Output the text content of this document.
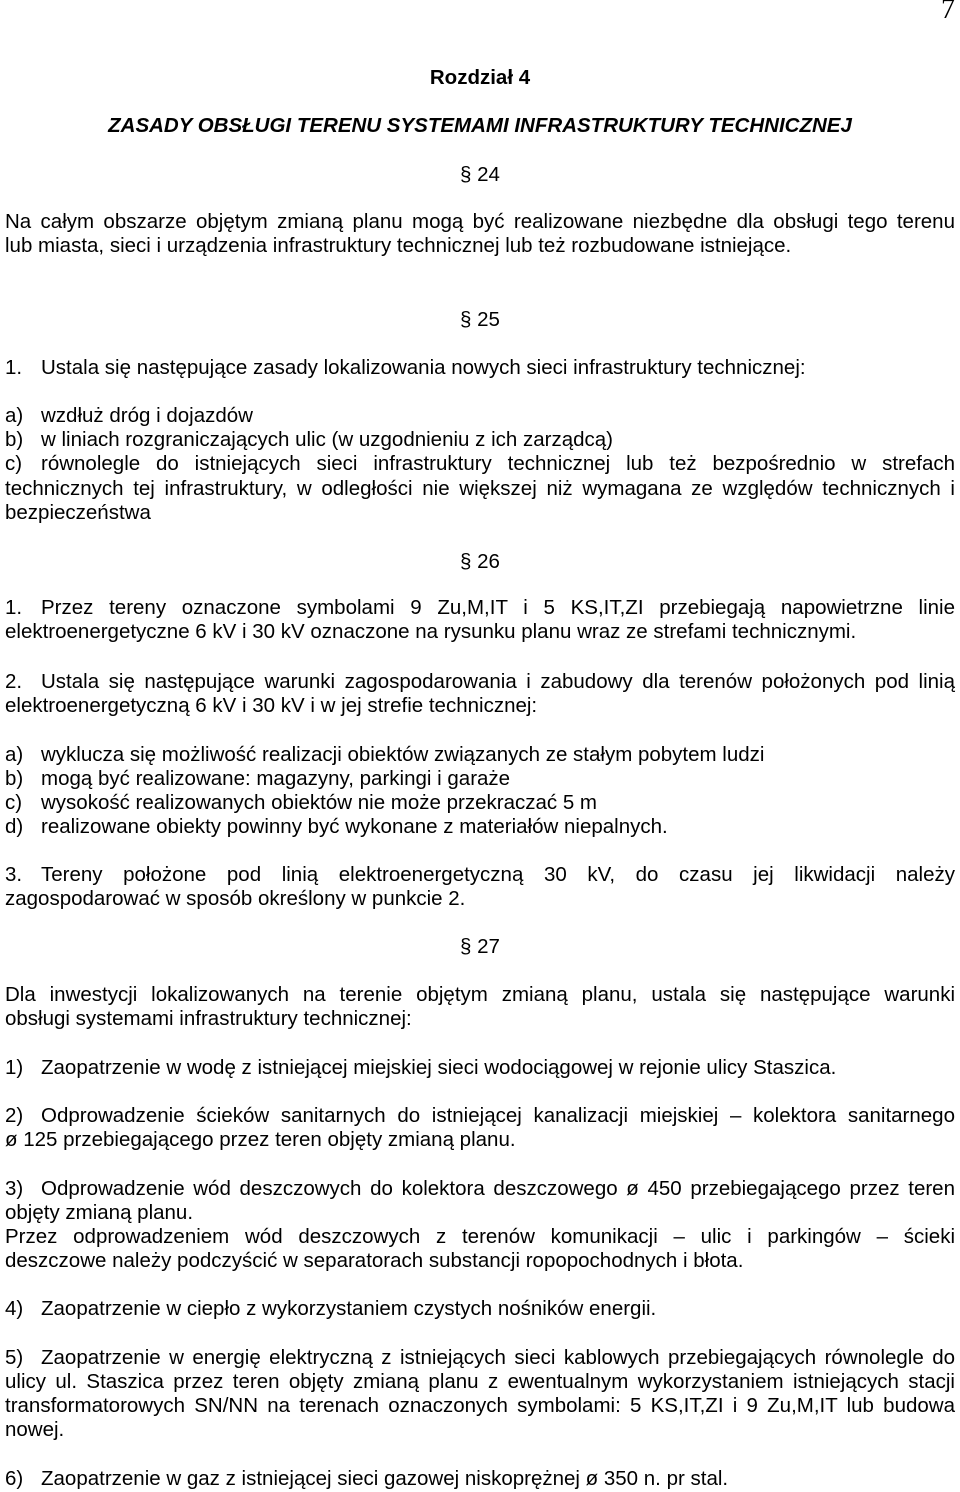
7
Rozdział 4
ZASADY OBSŁUGI TERENU SYSTEMAMI INFRASTRUKTURY TECHNICZNEJ
§ 24
Na całym obszarze objętym zmianą planu mogą być realizowane niezbędne dla obsługi tego terenu
lub miasta, sieci i urządzenia infrastruktury technicznej lub też rozbudowane istniejące.
§ 25
1. Ustala się następujące zasady lokalizowania nowych sieci infrastruktury technicznej:
a) wzdłuż dróg i dojazdów
b) w liniach rozgraniczających ulic (w uzgodnieniu z ich zarządcą)
c) równolegle do istniejących sieci infrastruktury technicznej lub też bezpośrednio w strefach
technicznych tej infrastruktury, w odległości nie większej niż wymagana ze względów technicznych i
bezpieczeństwa
§ 26
1. Przez tereny oznaczone symbolami 9 Zu,M,IT i 5 KS,IT,ZI przebiegają napowietrzne linie
elektroenergetyczne 6 kV i 30 kV oznaczone na rysunku planu wraz ze strefami technicznymi.
2. Ustala się następujące warunki zagospodarowania i zabudowy dla terenów położonych pod linią
elektroenergetyczną 6 kV i 30 kV i w jej strefie technicznej:
a) wyklucza się możliwość realizacji obiektów związanych ze stałym pobytem ludzi
b) mogą być realizowane: magazyny, parkingi i garaże
c) wysokość realizowanych obiektów nie może przekraczać 5 m
d) realizowane obiekty powinny być wykonane z materiałów niepalnych.
3. Tereny położone pod linią elektroenergetyczną 30 kV, do czasu jej likwidacji należy
zagospodarować w sposób określony w punkcie 2.
§ 27
Dla inwestycji lokalizowanych na terenie objętym zmianą planu, ustala się następujące warunki
obsługi systemami infrastruktury technicznej:
1) Zaopatrzenie w wodę z istniejącej miejskiej sieci wodociągowej w rejonie ulicy Staszica.
2) Odprowadzenie ścieków sanitarnych do istniejącej kanalizacji miejskiej – kolektora sanitarnego
ø 125 przebiegającego przez teren objęty zmianą planu.
3) Odprowadzenie wód deszczowych do kolektora deszczowego ø 450 przebiegającego przez teren
objęty zmianą planu.
Przez odprowadzeniem wód deszczowych z terenów komunikacji – ulic i parkingów – ścieki
deszczowe należy podczyścić w separatorach substancji ropopochodnych i błota.
4) Zaopatrzenie w ciepło z wykorzystaniem czystych nośników energii.
5) Zaopatrzenie w energię elektryczną z istniejących sieci kablowych przebiegających równolegle do
ulicy ul. Staszica przez teren objęty zmianą planu z ewentualnym wykorzystaniem istniejących stacji
transformatorowych SN/NN na terenach oznaczonych symbolami: 5 KS,IT,ZI i 9 Zu,M,IT lub budowa
nowej.
6) Zaopatrzenie w gaz z istniejącej sieci gazowej niskoprężnej ø 350 n. pr stal.
